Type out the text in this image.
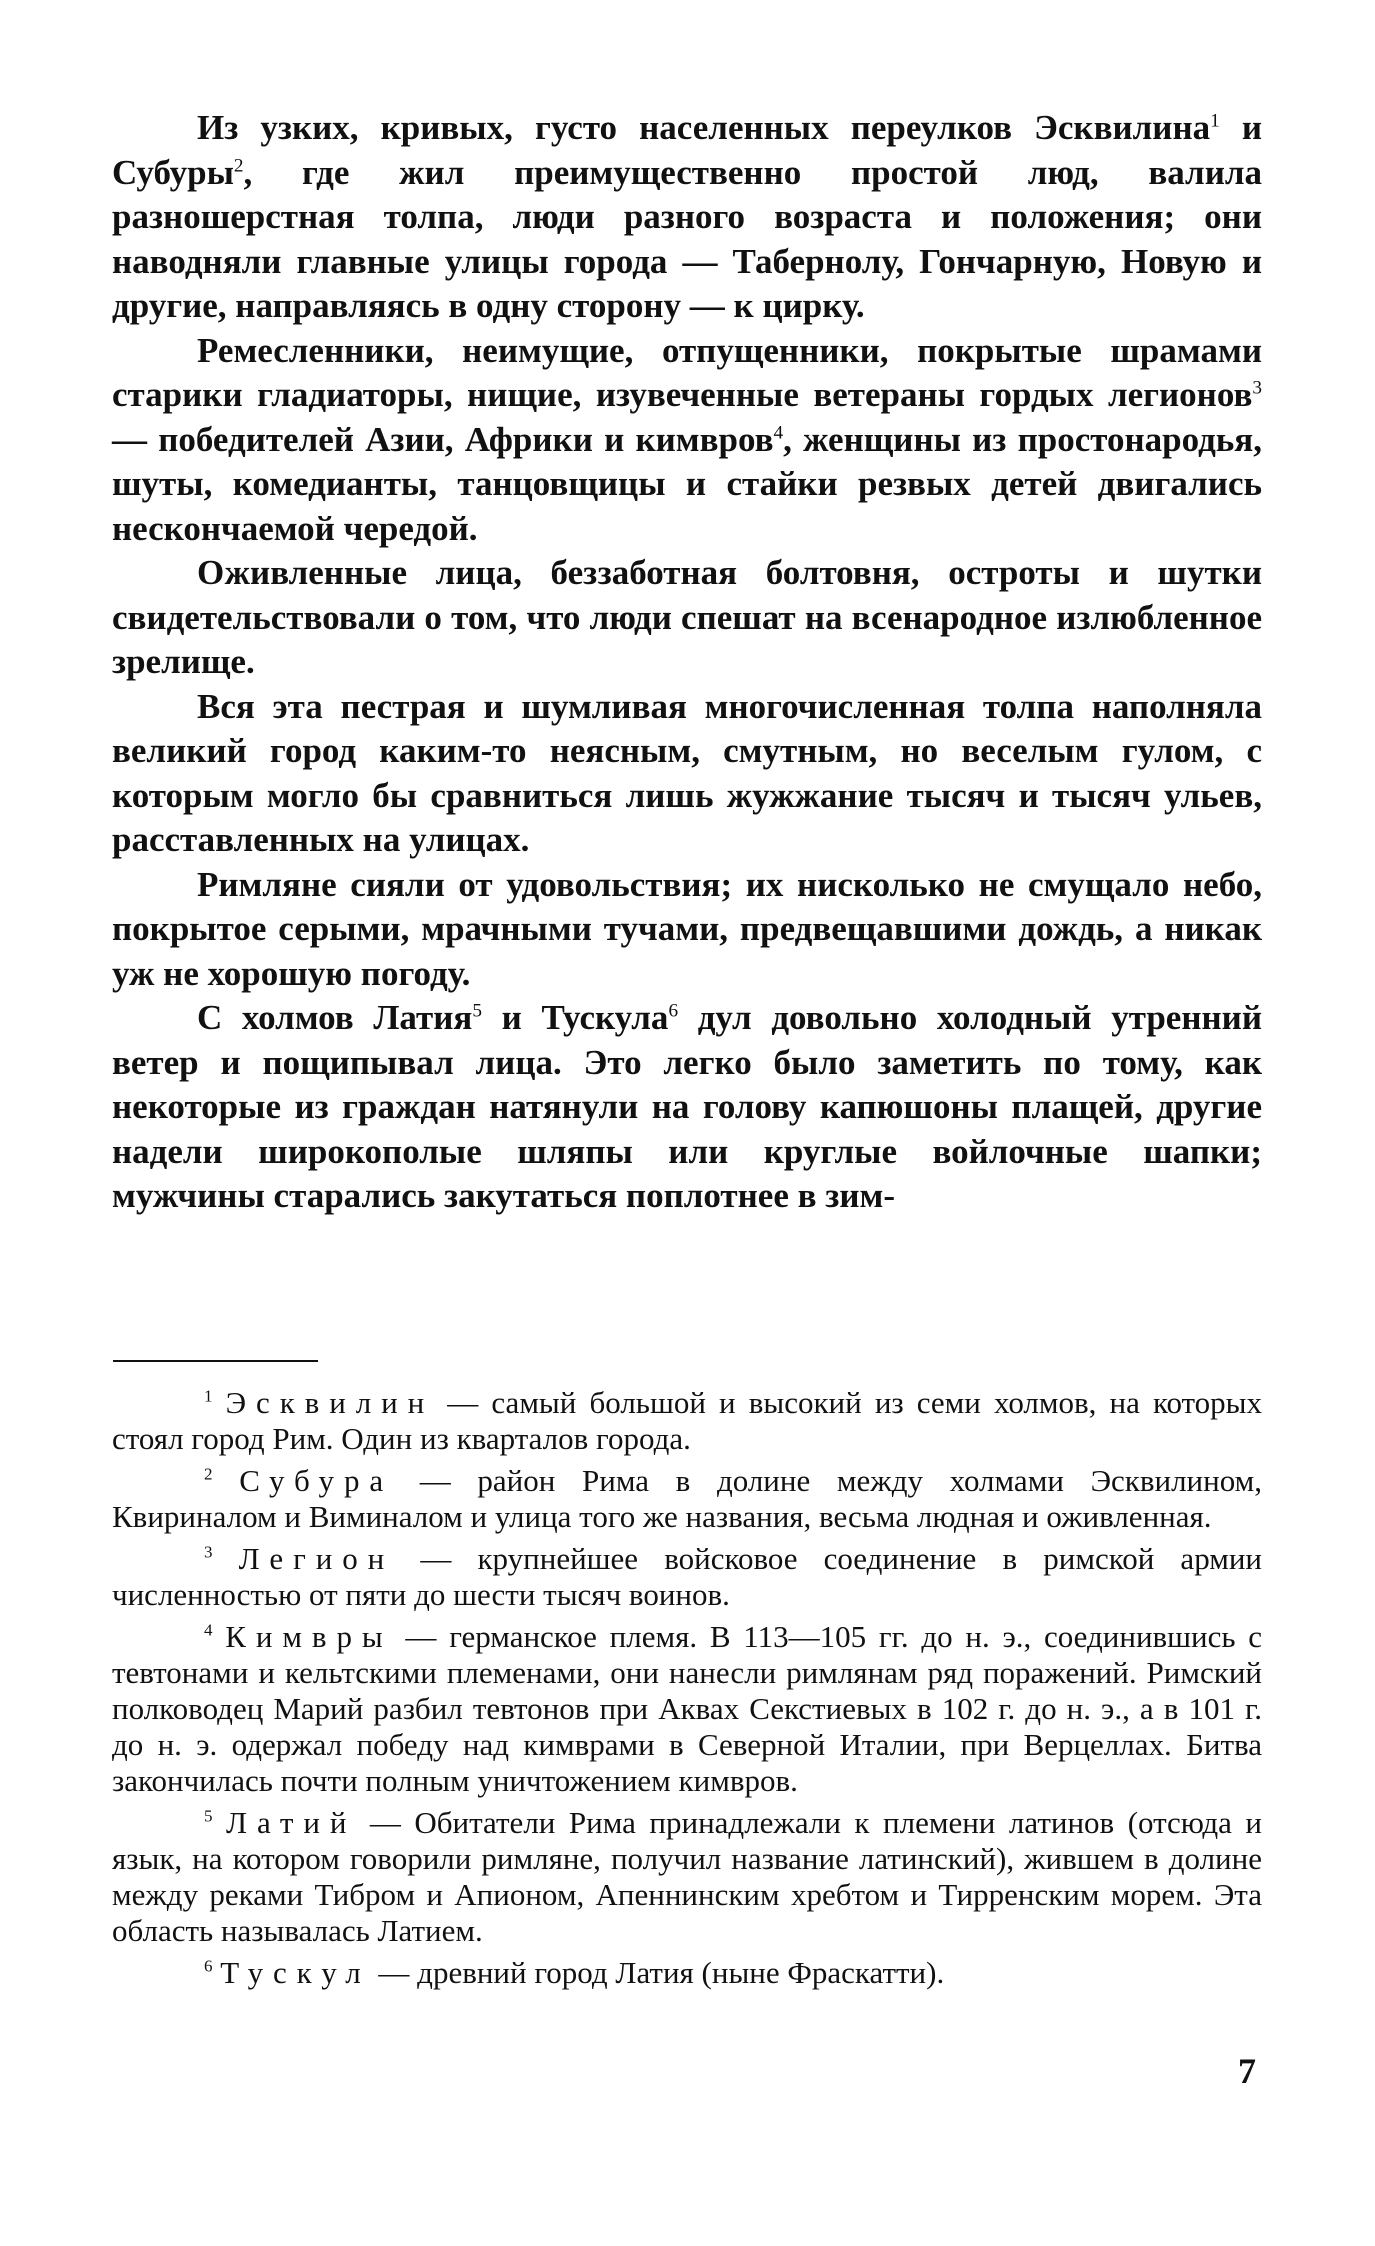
Из узких, кривых, густо населенных переулков Эсквилина$^1$ и Субуры$^2$, где жил преимущественно простой люд, валила разношерстная толпа, люди разного возраста и положения; они наводняли главные улицы города — Табернолу, Гончарную, Новую и другие, направляясь в одну сторону — к цирку.

Ремесленники, неимущие, отпущенники, покрытые шрамами старики гладиаторы, нищие, изувеченные ветераны гордых легионов$^3$ — победителей Азии, Африки и кимвров$^4$, женщины из простонародья, шуты, комедианты, танцовщицы и стайки резвых детей двигались нескончаемой чередой.

Оживленные лица, беззаботная болтовня, остроты и шутки свидетельствовали о том, что люди спешат на всенародное излюбленное зрелище.

Вся эта пестрая и шумливая многочисленная толпа наполняла великий город каким-то неясным, смутным, но веселым гулом, с которым могло бы сравниться лишь жужжание тысяч и тысяч ульев, расставленных на улицах.

Римляне сияли от удовольствия; их нисколько не смущало небо, покрытое серыми, мрачными тучами, предвещавшими дождь, а никак уж не хорошую погоду.

С холмов Латия$^5$ и Тускула$^6$ дул довольно холодный утренний ветер и пощипывал лица. Это легко было заметить по тому, как некоторые из граждан натянули на голову капюшоны плащей, другие надели широкополые шляпы или круглые войлочные шапки; мужчины старались закутаться поплотнее в зим-

$^1$ Эсквилин — самый большой и высокий из семи холмов, на которых стоял город Рим. Один из кварталов города.

$^2$ Субура — район Рима в долине между холмами Эсквилином, Квириналом и Виминалом и улица того же названия, весьма людная и оживленная.

$^3$ Легион — крупнейшее войсковое соединение в римской армии численностью от пяти до шести тысяч воинов.

$^4$ Кимвры — германское племя. В 113—105 гг. до н. э., соединившись с тевтонами и кельтскими племенами, они нанесли римлянам ряд поражений. Римский полководец Марий разбил тевтонов при Аквах Секстиевых в 102 г. до н. э., а в 101 г. до н. э. одержал победу над кимврами в Северной Италии, при Верцеллах. Битва закончилась почти полным уничтожением кимвров.

$^5$ Латий — Обитатели Рима принадлежали к племени латинов (отсюда и язык, на котором говорили римляне, получил название латинский), жившем в долине между реками Тибром и Апионом, Апеннинским хребтом и Тирренским морем. Эта область называлась Латием.

$^6$ Тускул — древний город Латия (ныне Фраскатти).

7
